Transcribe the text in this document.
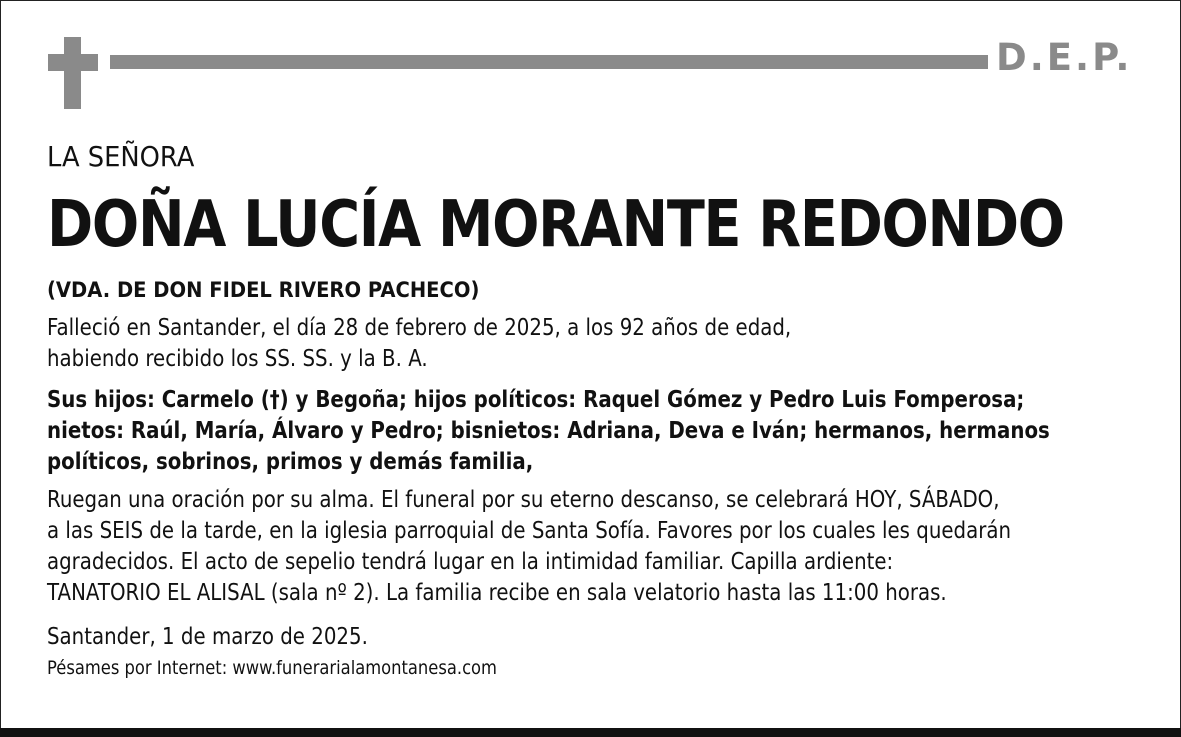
D.E.P.
LA SEÑORA
DOÑA LUCÍA MORANTE REDONDO
(VDA. DE DON FIDEL RIVERO PACHECO)
Falleció en Santander, el día 28 de febrero de 2025, a los 92 años de edad,
habiendo recibido los SS. SS. y la B. A.
Sus hijos: Carmelo (†) y Begoña; hijos políticos: Raquel Gómez y Pedro Luis Fomperosa;
nietos: Raúl, María, Álvaro y Pedro; bisnietos: Adriana, Deva e Iván; hermanos, hermanos
políticos, sobrinos, primos y demás familia,
Ruegan una oración por su alma. El funeral por su eterno descanso, se celebrará HOY, SÁBADO,
a las SEIS de la tarde, en la iglesia parroquial de Santa Sofía. Favores por los cuales les quedarán
agradecidos. El acto de sepelio tendrá lugar en la intimidad familiar. Capilla ardiente:
TANATORIO EL ALISAL (sala nº 2). La familia recibe en sala velatorio hasta las 11:00 horas.
Santander, 1 de marzo de 2025.
Pésames por Internet: www.funerarialamontanesa.com
